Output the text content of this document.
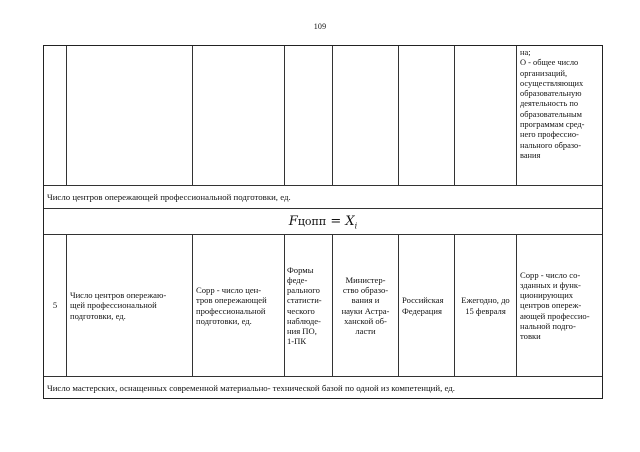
109
на;
О - общее число
организаций,
осуществляющих
образовательную
деятельность по
образовательным
программам сред-
него профессио-
нального образо-
вания
Число центров опережающей профессиональной подготовки, ед.
Fцопп = $X_i$
5
Число центров опережаю-
щей профессиональной
подготовки, ед.
Сорр - число цен-
тров опережающей
профессиональной
подготовки, ед.
Формы
феде-
рального
статисти-
ческого
наблюде-
ния ПО,
1-ПК
Министер-
ство образо-
вания и
науки Астра-
ханской об-
ласти
Российская Федерация
Ежегодно, до
15 февраля
Сорр - число со-
зданных и функ-
ционирующих
центров опереж-
ающей профессио-
нальной подго-
товки
Число мастерских, оснащенных современной материально- технической базой по одной из компетенций, ед.
